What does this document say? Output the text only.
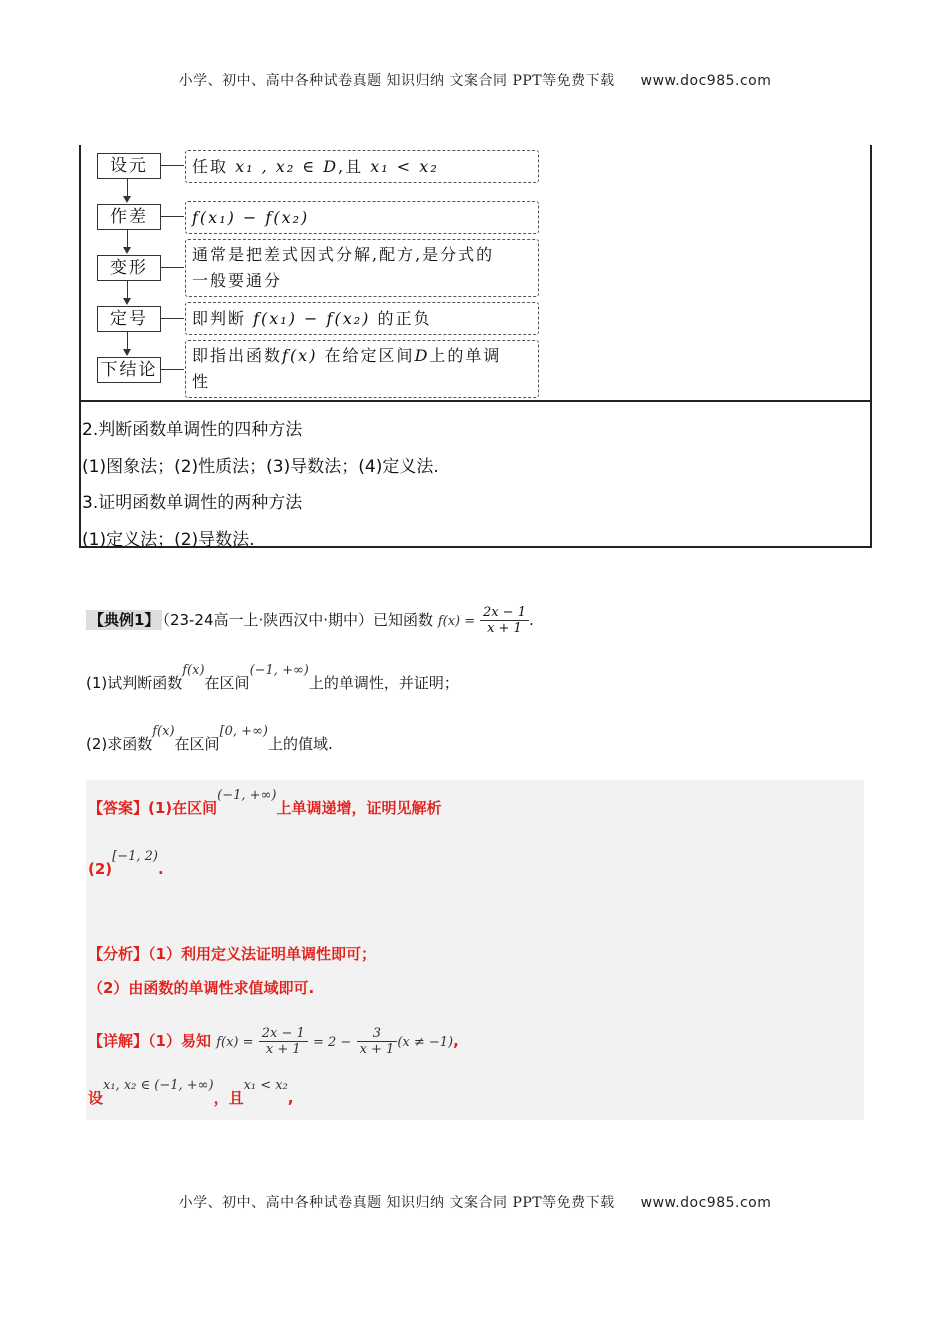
小学、初中、高中各种试卷真题 知识归纳 文案合同 PPT等免费下载 www.doc985.com
设元
作差
变形
定号
下结论
任取 x₁ , x₂ ∈ D,且 x₁ < x₂
f(x₁) − f(x₂)
通常是把差式因式分解,配方,是分式的
一般要通分
即判断 f(x₁) − f(x₂) 的正负
即指出函数f(x) 在给定区间D上的单调
性
2.判断函数单调性的四种方法
(1)图象法；(2)性质法；(3)导数法；(4)定义法.
3.证明函数单调性的两种方法
(1)定义法；(2)导数法.
【典例1】 （23-24高一上·陕西汉中·期中）已知函数 $f(x) = \frac{2x - 1}{x + 1}$ .
(1)试判断函数f(x)在区间(−1, +∞)上的单调性，并证明；
(2)求函数f(x)在区间[0, +∞)上的值域.
【答案】(1)在区间(−1, +∞)上单调递增，证明见解析
(2)[−1, 2).
【分析】（1）利用定义法证明单调性即可；
（2）由函数的单调性求值域即可.
【详解】（1）易知 $f(x) = \frac{2x - 1}{x + 1} = 2 - \frac{3}{x + 1} (x \ne -1)$,
设x₁, x₂ ∈ (−1, +∞)，且x₁ < x₂,
小学、初中、高中各种试卷真题 知识归纳 文案合同 PPT等免费下载 www.doc985.com
